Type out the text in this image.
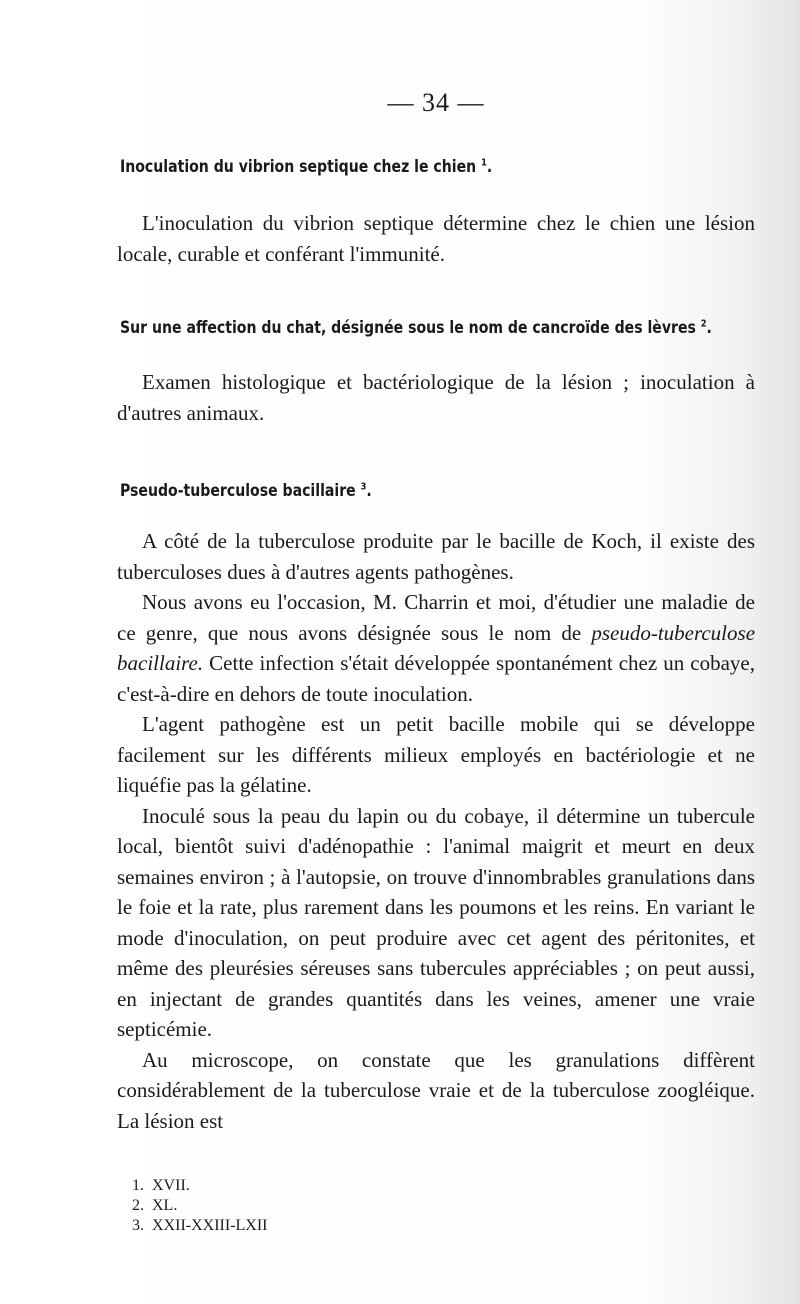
— 34 —
Inoculation du vibrion septique chez le chien $^1$.

L'inoculation du vibrion septique détermine chez le chien une lésion locale, curable et conférant l'immunité.

Sur une affection du chat, désignée sous le nom de cancroïde des lèvres $^2$.

Examen histologique et bactériologique de la lésion ; inoculation à d'autres animaux.

Pseudo-tuberculose bacillaire $^3$.

A côté de la tuberculose produite par le bacille de Koch, il existe des tuberculoses dues à d'autres agents pathogènes.

Nous avons eu l'occasion, M. Charrin et moi, d'étudier une maladie de ce genre, que nous avons désignée sous le nom de pseudo-tuberculose bacillaire. Cette infection s'était développée spontanément chez un cobaye, c'est-à-dire en dehors de toute inoculation.

L'agent pathogène est un petit bacille mobile qui se développe facilement sur les différents milieux employés en bactériologie et ne liquéfie pas la gélatine.

Inoculé sous la peau du lapin ou du cobaye, il détermine un tubercule local, bientôt suivi d'adénopathie : l'animal maigrit et meurt en deux semaines environ ; à l'autopsie, on trouve d'innombrables granulations dans le foie et la rate, plus rarement dans les poumons et les reins. En variant le mode d'inoculation, on peut produire avec cet agent des péritonites, et même des pleurésies séreuses sans tubercules appréciables ; on peut aussi, en injectant de grandes quantités dans les veines, amener une vraie septicémie.

Au microscope, on constate que les granulations diffèrent considérablement de la tuberculose vraie et de la tuberculose zoogléique. La lésion est

1. XVII.
2. XL.
3. XXII-XXIII-LXII
